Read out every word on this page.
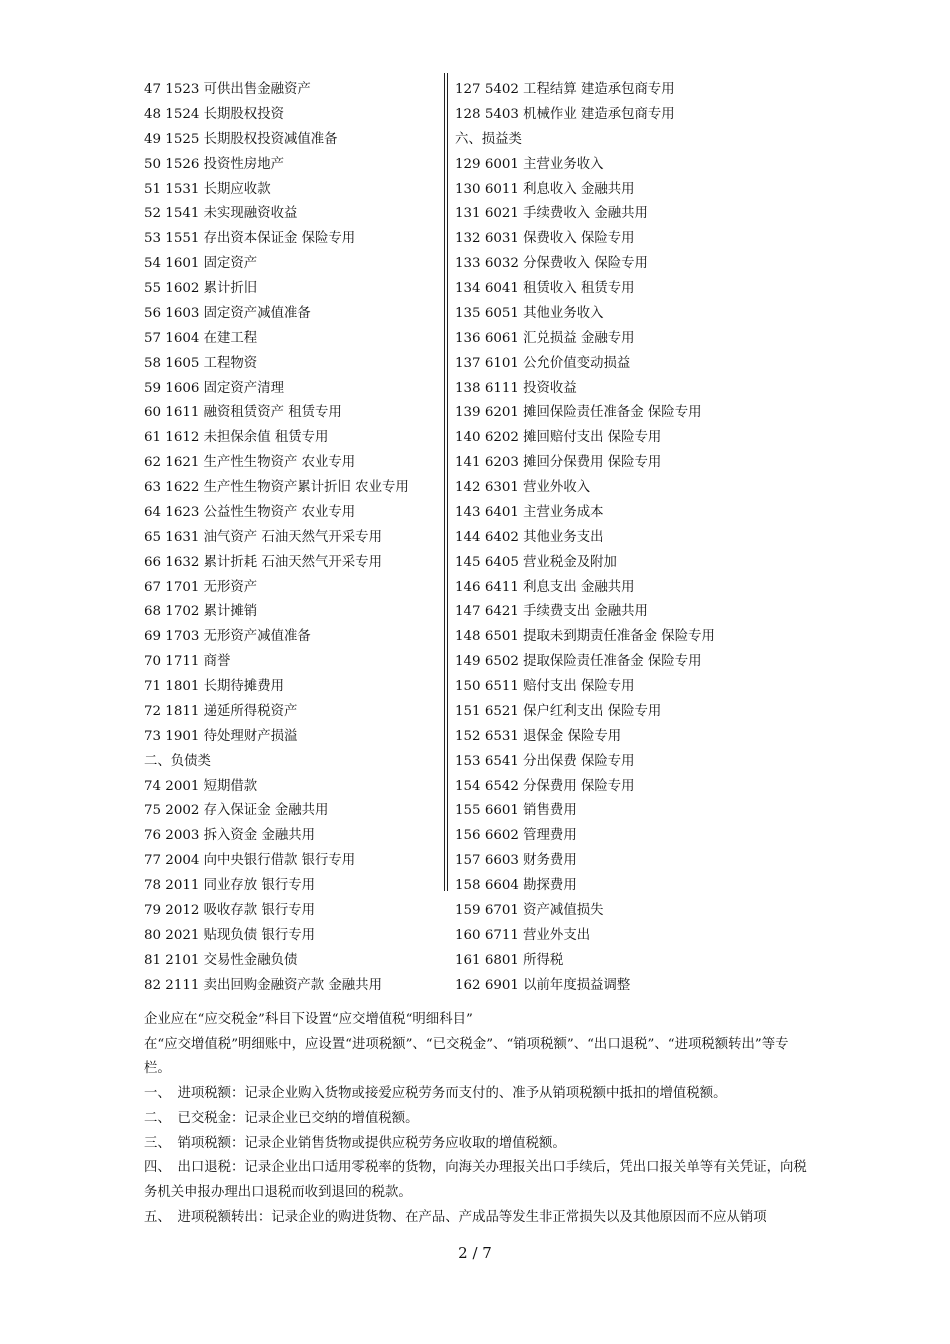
47 1523 可供出售金融资产
48 1524 长期股权投资
49 1525 长期股权投资减值准备
50 1526 投资性房地产
51 1531 长期应收款
52 1541 未实现融资收益
53 1551 存出资本保证金 保险专用
54 1601 固定资产
55 1602 累计折旧
56 1603 固定资产减值准备
57 1604 在建工程
58 1605 工程物资
59 1606 固定资产清理
60 1611 融资租赁资产 租赁专用
61 1612 未担保余值 租赁专用
62 1621 生产性生物资产 农业专用
63 1622 生产性生物资产累计折旧 农业专用
64 1623 公益性生物资产 农业专用
65 1631 油气资产 石油天然气开采专用
66 1632 累计折耗 石油天然气开采专用
67 1701 无形资产
68 1702 累计摊销
69 1703 无形资产减值准备
70 1711 商誉
71 1801 长期待摊费用
72 1811 递延所得税资产
73 1901 待处理财产损溢
二、负债类
74 2001 短期借款
75 2002 存入保证金 金融共用
76 2003 拆入资金 金融共用
77 2004 向中央银行借款 银行专用
78 2011 同业存放 银行专用
79 2012 吸收存款 银行专用
80 2021 贴现负债 银行专用
81 2101 交易性金融负债
82 2111 卖出回购金融资产款 金融共用
127 5402 工程结算 建造承包商专用
128 5403 机械作业 建造承包商专用
六、损益类
129 6001 主营业务收入
130 6011 利息收入 金融共用
131 6021 手续费收入 金融共用
132 6031 保费收入 保险专用
133 6032 分保费收入 保险专用
134 6041 租赁收入 租赁专用
135 6051 其他业务收入
136 6061 汇兑损益 金融专用
137 6101 公允价值变动损益
138 6111 投资收益
139 6201 摊回保险责任准备金 保险专用
140 6202 摊回赔付支出 保险专用
141 6203 摊回分保费用 保险专用
142 6301 营业外收入
143 6401 主营业务成本
144 6402 其他业务支出
145 6405 营业税金及附加
146 6411 利息支出 金融共用
147 6421 手续费支出 金融共用
148 6501 提取未到期责任准备金 保险专用
149 6502 提取保险责任准备金 保险专用
150 6511 赔付支出 保险专用
151 6521 保户红利支出 保险专用
152 6531 退保金 保险专用
153 6541 分出保费 保险专用
154 6542 分保费用 保险专用
155 6601 销售费用
156 6602 管理费用
157 6603 财务费用
158 6604 勘探费用
159 6701 资产减值损失
160 6711 营业外支出
161 6801 所得税
162 6901 以前年度损益调整

企业应在“应交税金”科目下设置“应交增值税“明细科目”

在“应交增值税”明细账中，应设置“进项税额”、“已交税金”、“销项税额”、“出口退税”、“进项税额转出”等专栏。

一、　进项税额：记录企业购入货物或接爱应税劳务而支付的、准予从销项税额中抵扣的增值税额。

二、　已交税金：记录企业已交纳的增值税额。

三、　销项税额：记录企业销售货物或提供应税劳务应收取的增值税额。

四、　出口退税：记录企业出口适用零税率的货物，向海关办理报关出口手续后，凭出口报关单等有关凭证，向税务机关申报办理出口退税而收到退回的税款。

五、　进项税额转出：记录企业的购进货物、在产品、产成品等发生非正常损失以及其他原因而不应从销项

2 / 7
